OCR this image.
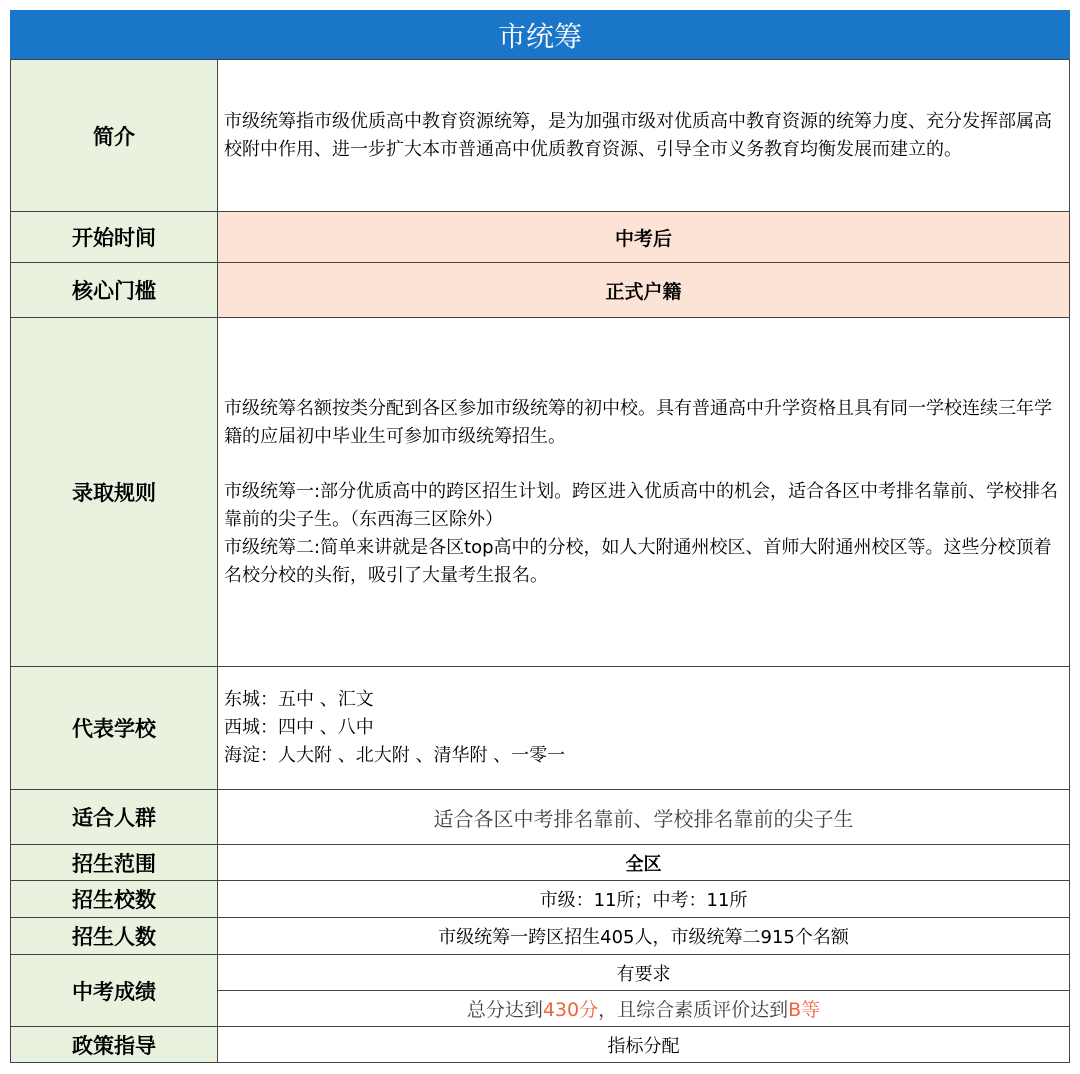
市统筹
简介	市级统筹指市级优质高中教育资源统筹，是为加强市级对优质高中教育资源的统筹力度、充分发挥部属高校附中作用、进一步扩大本市普通高中优质教育资源、引导全市义务教育均衡发展而建立的。

开始时间	中考后
核心门槛	正式户籍
录取规则	市级统筹名额按类分配到各区参加市级统筹的初中校。具有普通高中升学资格且具有同一学校连续三年学籍的应届初中毕业生可参加市级统筹招生。

市级统筹一:部分优质高中的跨区招生计划。跨区进入优质高中的机会，适合各区中考排名靠前、学校排名靠前的尖子生。（东西海三区除外）

市级统筹二:简单来讲就是各区top高中的分校，如人大附通州校区、首师大附通州校区等。这些分校顶着名校分校的头衔，吸引了大量考生报名。

代表学校	东城：五中 、汇文

西城：四中 、八中

海淀：人大附 、北大附 、清华附 、一零一

适合人群	适合各区中考排名靠前、学校排名靠前的尖子生
招生范围	全区
招生校数	市级：11所；中考：11所
招生人数	市级统筹一跨区招生405人，市级统筹二915个名额
中考成绩	有要求
	总分达到430分，且综合素质评价达到B等
政策指导	指标分配
